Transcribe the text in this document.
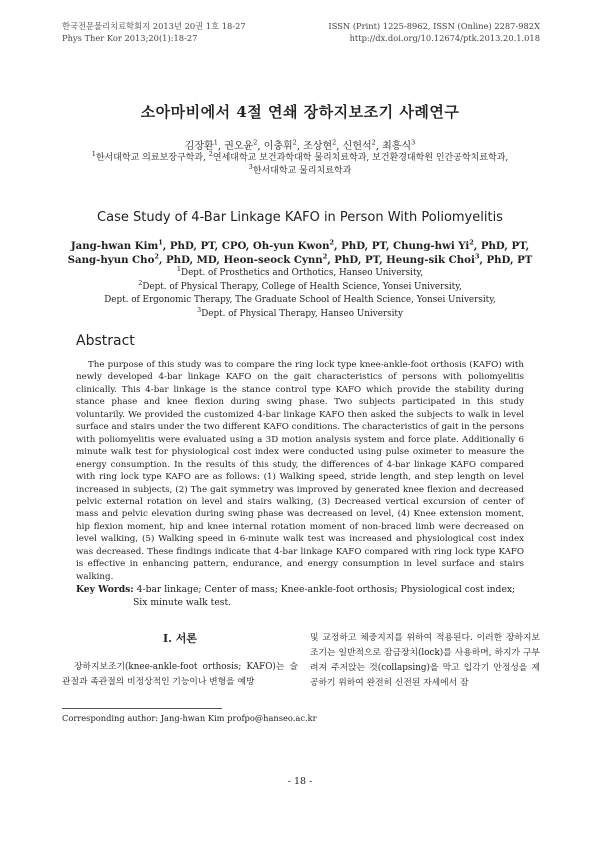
한국전문물리치료학회지 2013년 20권 1호 18-27
Phys Ther Kor 2013;20(1):18-27
ISSN (Print) 1225-8962, ISSN (Online) 2287-982X
http://dx.doi.org/10.12674/ptk.2013.20.1.018
소아마비에서 4절 연쇄 장하지보조기 사례연구
김장환$^1$, 권오윤$^2$, 이충휘$^2$, 조상현$^2$, 신헌석$^2$, 최흥식$^3$
$^1$한서대학교 의료보장구학과, $^2$연세대학교 보건과학대학 물리치료학과, 보건환경대학원 인간공학치료학과,
$^3$한서대학교 물리치료학과
Case Study of 4-Bar Linkage KAFO in Person With Poliomyelitis
Jang-hwan Kim$^1$, PhD, PT, CPO, Oh-yun Kwon$^2$, PhD, PT, Chung-hwi Yi$^2$, PhD, PT,
Sang-hyun Cho$^2$, PhD, MD, Heon-seock Cynn$^2$, PhD, PT, Heung-sik Choi$^3$, PhD, PT
$^1$Dept. of Prosthetics and Orthotics, Hanseo University,
$^2$Dept. of Physical Therapy, College of Health Science, Yonsei University,
Dept. of Ergonomic Therapy, The Graduate School of Health Science, Yonsei University,
$^3$Dept. of Physical Therapy, Hanseo University
Abstract
The purpose of this study was to compare the ring lock type knee-ankle-foot orthosis (KAFO) with newly developed 4-bar linkage KAFO on the gait characteristics of persons with poliomyelitis clinically. This 4-bar linkage is the stance control type KAFO which provide the stability during stance phase and knee flexion during swing phase. Two subjects participated in this study voluntarily. We provided the customized 4-bar linkage KAFO then asked the subjects to walk in level surface and stairs under the two different KAFO conditions. The characteristics of gait in the persons with poliomyelitis were evaluated using a 3D motion analysis system and force plate. Additionally 6 minute walk test for physiological cost index were conducted using pulse oximeter to measure the energy consumption. In the results of this study, the differences of 4-bar linkage KAFO compared with ring lock type KAFO are as follows: (1) Walking speed, stride length, and step length on level increased in subjects, (2) The gait symmetry was improved by generated knee flexion and decreased pelvic external rotation on level and stairs walking, (3) Decreased vertical excursion of center of mass and pelvic elevation during swing phase was decreased on level, (4) Knee extension moment, hip flexion moment, hip and knee internal rotation moment of non-braced limb were decreased on level walking, (5) Walking speed in 6-minute walk test was increased and physiological cost index was decreased. These findings indicate that 4-bar linkage KAFO compared with ring lock type KAFO is effective in enhancing pattern, endurance, and energy consumption in level surface and stairs walking.
Key Words: 4-bar linkage; Center of mass; Knee-ankle-foot orthosis; Physiological cost index;
Six minute walk test.
Ⅰ. 서론
장하지보조기(knee-ankle-foot orthosis; KAFO)는 슬관절과 족관절의 비정상적인 기능이나 변형을 예방
및 교정하고 체중지지를 위하여 적용된다. 이러한 장하지보조기는 일반적으로 잠금장치(lock)를 사용하며, 하지가 구부려져 주저앉는 것(collapsing)을 막고 입각기 안정성을 제공하기 위하여 완전히 신전된 자세에서 잠
Corresponding author: Jang-hwan Kim profpo@hanseo.ac.kr
- 18 -
